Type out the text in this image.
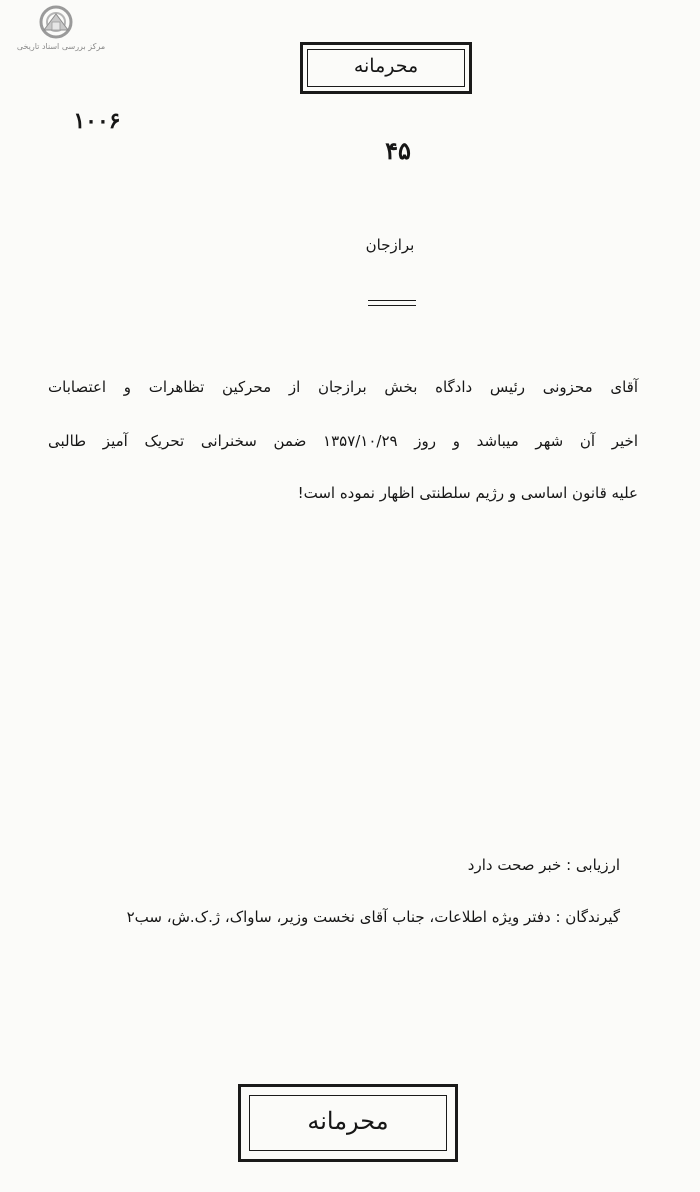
مرکز بررسی اسناد تاریخی
محرمانه
۱۰۰۶
۴۵
برازجان
آقای محزونی رئیس دادگاه بخش برازجان از محرکین تظاهرات و اعتصابات
اخیر آن شهر میباشد و روز ۱۳۵۷/۱۰/۲۹ ضمن سخنرانی تحریک آمیز طالبی
علیه قانون اساسی و رژیم سلطنتی اظهار نموده است!
ارزیابی : خبر صحت دارد
گیرندگان : دفتر ویژه اطلاعات، جناب آقای نخست وزیر، ساواک، ژ.ک.ش، سب۲
محرمانه
